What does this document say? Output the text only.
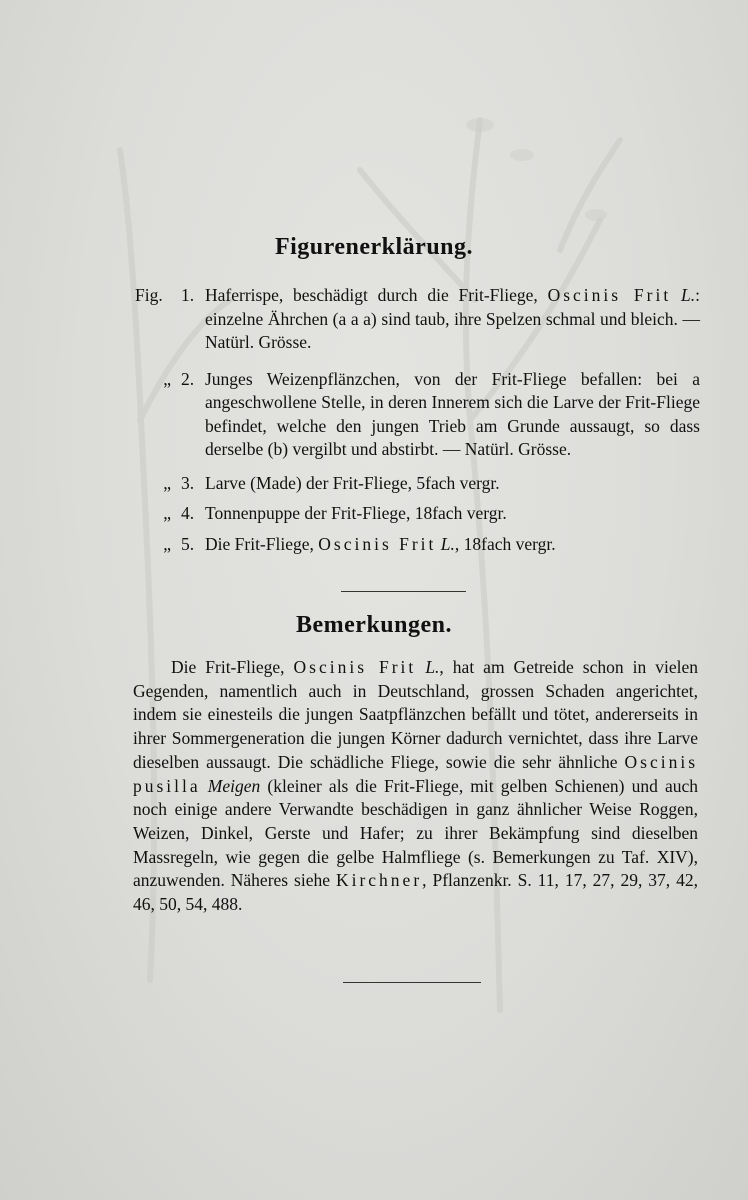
Figurenerklärung.
Fig.	1. Haferrispe, beschädigt durch die Frit-Fliege, Oscinis Frit L.: einzelne Ährchen (a a a) sind taub, ihre Spelzen schmal und bleich. — Natürl. Grösse.
„ 2. Junges Weizenpflänzchen, von der Frit-Fliege befallen: bei a angeschwollene Stelle, in deren Innerem sich die Larve der Frit-Fliege befindet, welche den jungen Trieb am Grunde aussaugt, so dass derselbe (b) vergilbt und abstirbt. — Natürl. Grösse.
„ 3. Larve (Made) der Frit-Fliege, 5fach vergr.
„ 4. Tonnenpuppe der Frit-Fliege, 18fach vergr.
„ 5. Die Frit-Fliege, Oscinis Frit L., 18fach vergr.
Bemerkungen.

Die Frit-Fliege, Oscinis Frit L., hat am Getreide schon in vielen Gegenden, namentlich auch in Deutschland, grossen Schaden angerichtet, indem sie einesteils die jungen Saatpflänzchen befällt und tötet, andererseits in ihrer Sommergeneration die jungen Körner dadurch vernichtet, dass ihre Larve dieselben aussaugt. Die schädliche Fliege, sowie die sehr ähnliche Oscinis pusilla Meigen (kleiner als die Frit-Fliege, mit gelben Schienen) und auch noch einige andere Verwandte beschädigen in ganz ähnlicher Weise Roggen, Weizen, Dinkel, Gerste und Hafer; zu ihrer Bekämpfung sind dieselben Massregeln, wie gegen die gelbe Halmfliege (s. Bemerkungen zu Taf. XIV), anzuwenden. Näheres siehe Kirchner, Pflanzenkr. S. 11, 17, 27, 29, 37, 42, 46, 50, 54, 488.
